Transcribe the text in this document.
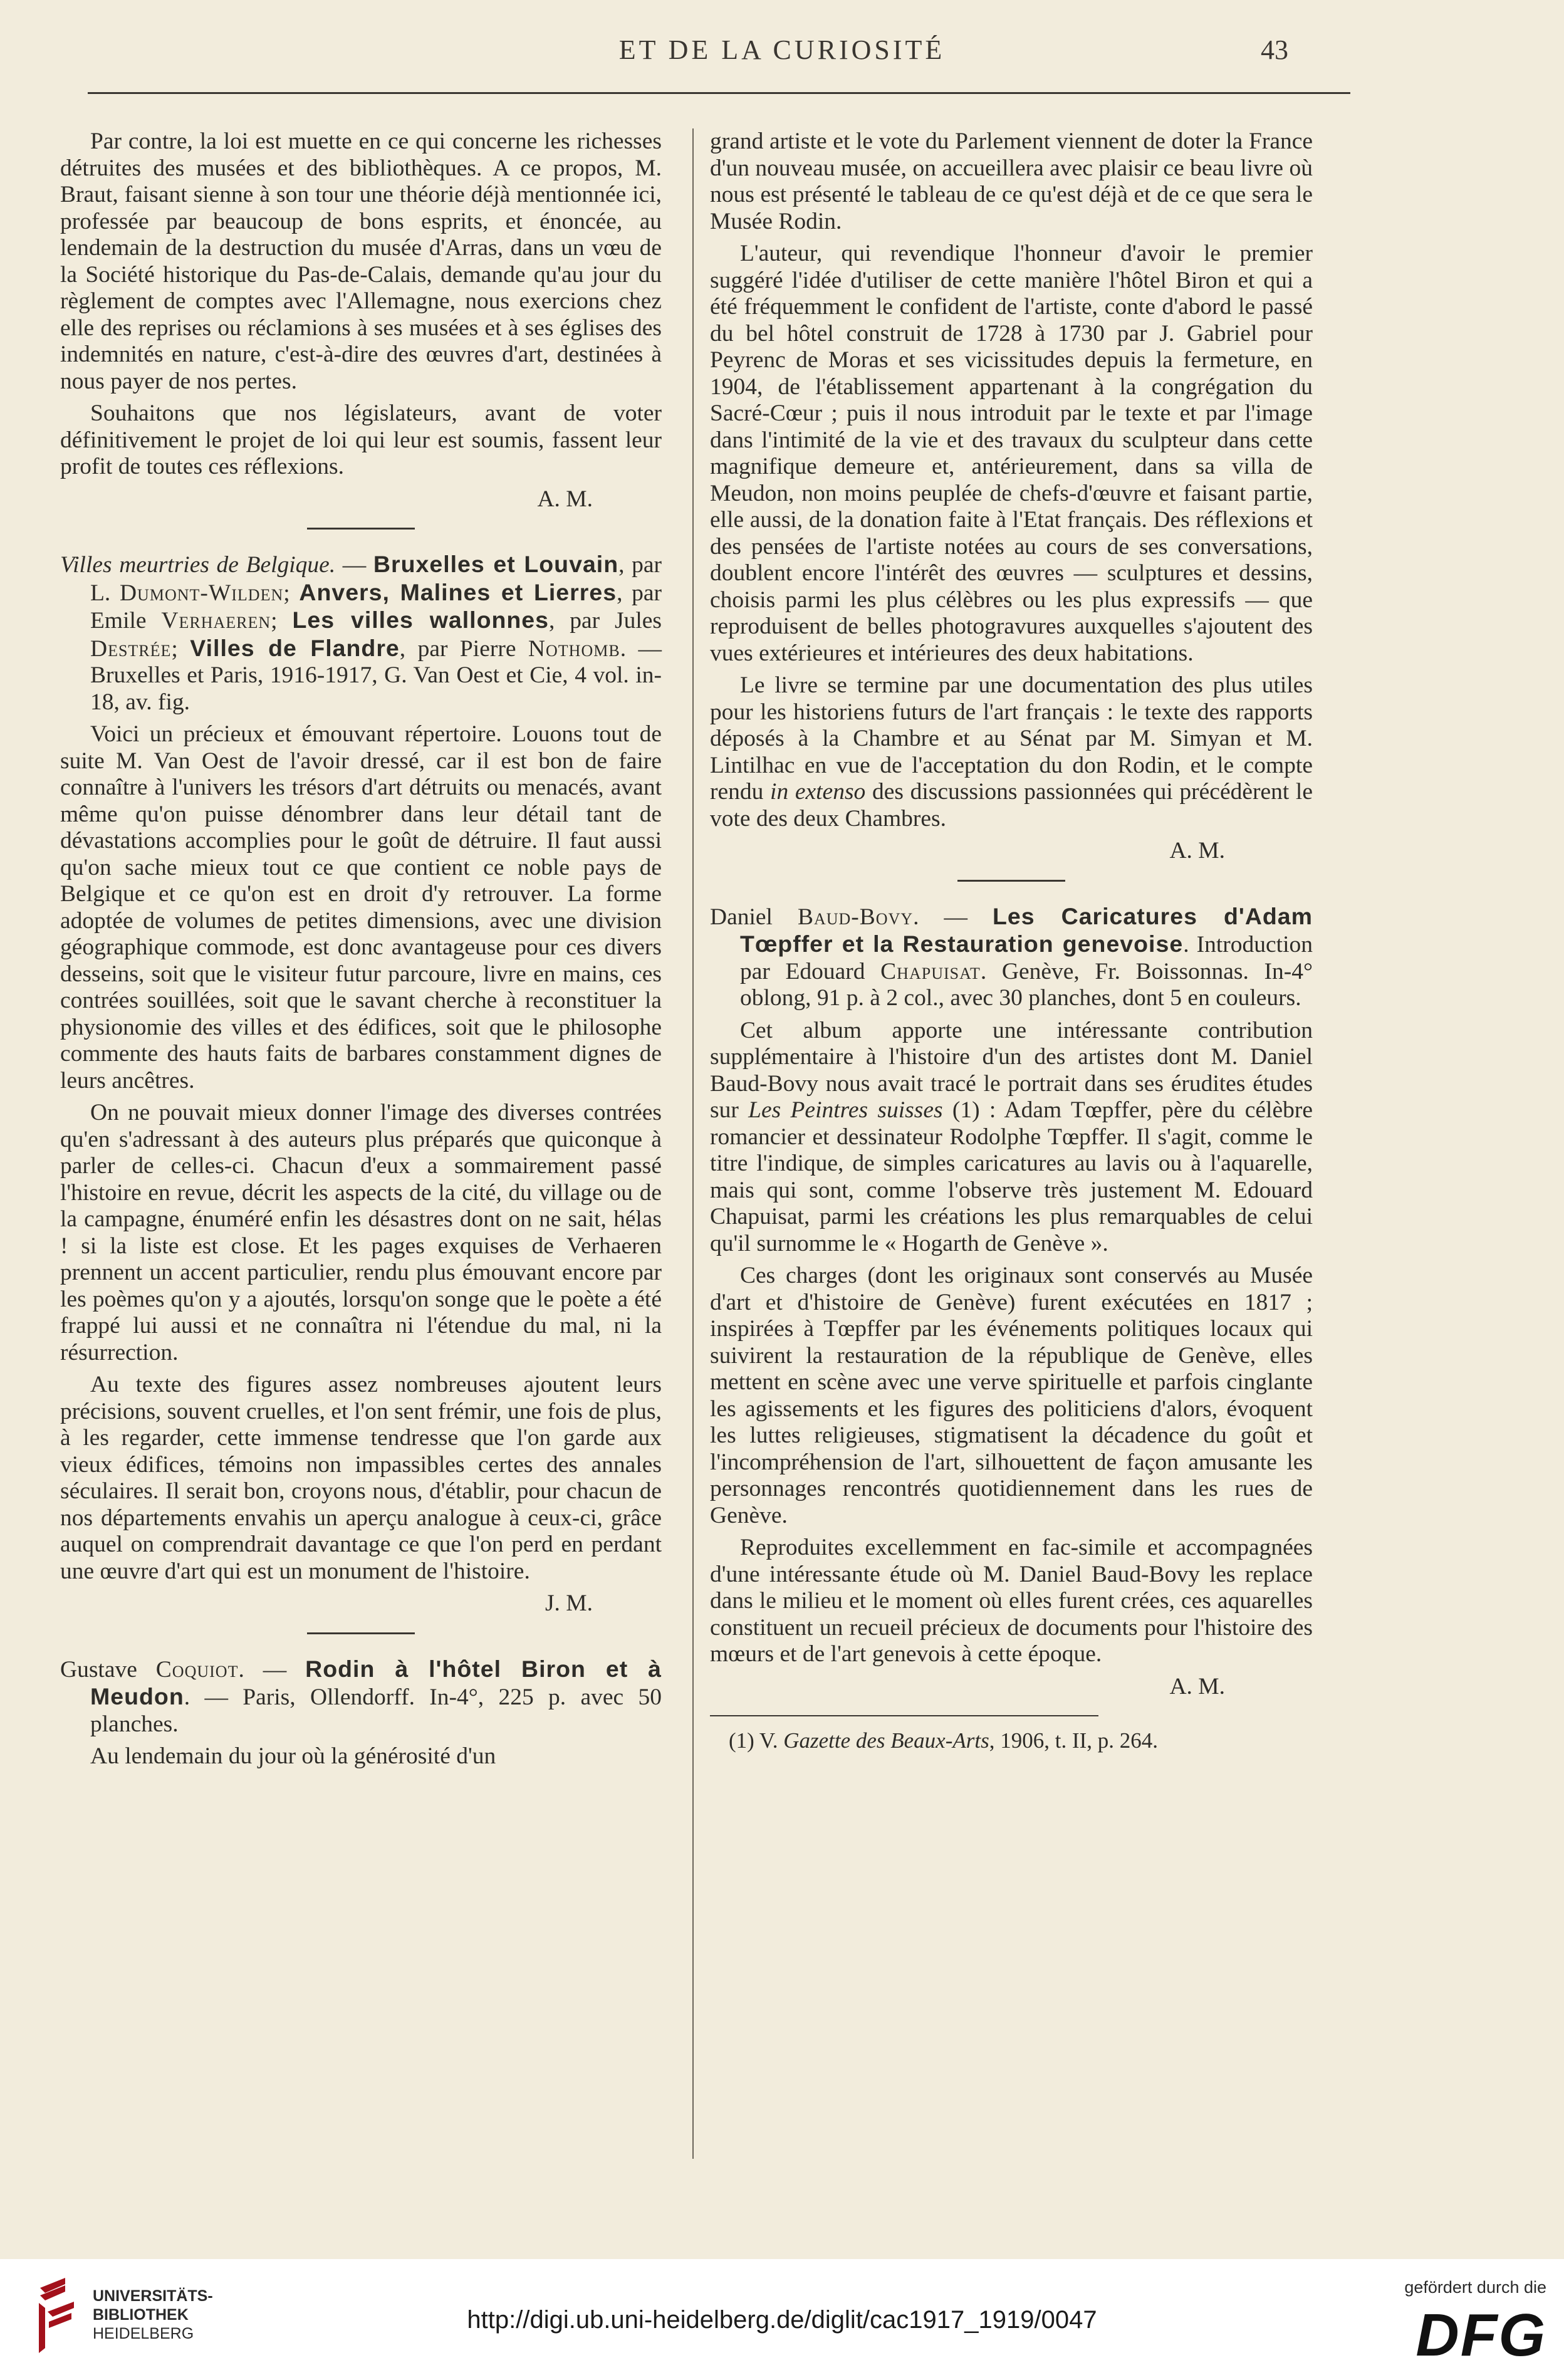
ET DE LA CURIOSITÉ	43

Par contre, la loi est muette en ce qui concerne les richesses détruites des musées et des bibliothèques. A ce propos, M. Braut, faisant sienne à son tour une théorie déjà mentionnée ici, professée par beaucoup de bons esprits, et énoncée, au lendemain de la destruction du musée d'Arras, dans un vœu de la Société historique du Pas-de-Calais, demande qu'au jour du règlement de comptes avec l'Allemagne, nous exercions chez elle des reprises ou réclamions à ses musées et à ses églises des indemnités en nature, c'est-à-dire des œuvres d'art, destinées à nous payer de nos pertes.

Souhaitons que nos législateurs, avant de voter définitivement le projet de loi qui leur est soumis, fassent leur profit de toutes ces réflexions.

A. M.

Villes meurtries de Belgique. — Bruxelles et Louvain, par L. Dumont-Wilden; Anvers, Malines et Lierres, par Emile Verhaeren; Les villes wallonnes, par Jules Destrée; Villes de Flandre, par Pierre Nothomb. — Bruxelles et Paris, 1916-1917, G. Van Oest et Cie, 4 vol. in-18, av. fig.

Voici un précieux et émouvant répertoire. Louons tout de suite M. Van Oest de l'avoir dressé, car il est bon de faire connaître à l'univers les trésors d'art détruits ou menacés, avant même qu'on puisse dénombrer dans leur détail tant de dévastations accomplies pour le goût de détruire. Il faut aussi qu'on sache mieux tout ce que contient ce noble pays de Belgique et ce qu'on est en droit d'y retrouver. La forme adoptée de volumes de petites dimensions, avec une division géographique commode, est donc avantageuse pour ces divers desseins, soit que le visiteur futur parcoure, livre en mains, ces contrées souillées, soit que le savant cherche à reconstituer la physionomie des villes et des édifices, soit que le philosophe commente des hauts faits de barbares constamment dignes de leurs ancêtres.

On ne pouvait mieux donner l'image des diverses contrées qu'en s'adressant à des auteurs plus préparés que quiconque à parler de celles-ci. Chacun d'eux a sommairement passé l'histoire en revue, décrit les aspects de la cité, du village ou de la campagne, énuméré enfin les désastres dont on ne sait, hélas ! si la liste est close. Et les pages exquises de Verhaeren prennent un accent particulier, rendu plus émouvant encore par les poèmes qu'on y a ajoutés, lorsqu'on songe que le poète a été frappé lui aussi et ne connaîtra ni l'étendue du mal, ni la résurrection.

Au texte des figures assez nombreuses ajoutent leurs précisions, souvent cruelles, et l'on sent frémir, une fois de plus, à les regarder, cette immense tendresse que l'on garde aux vieux édifices, témoins non impassibles certes des annales séculaires. Il serait bon, croyons nous, d'établir, pour chacun de nos départements envahis un aperçu analogue à ceux-ci, grâce auquel on comprendrait davantage ce que l'on perd en perdant une œuvre d'art qui est un monument de l'histoire.

J. M.

Gustave Coquiot. — Rodin à l'hôtel Biron et à Meudon. — Paris, Ollendorff. In-4°, 225 p. avec 50 planches.

Au lendemain du jour où la générosité d'un

grand artiste et le vote du Parlement viennent de doter la France d'un nouveau musée, on accueillera avec plaisir ce beau livre où nous est présenté le tableau de ce qu'est déjà et de ce que sera le Musée Rodin.

L'auteur, qui revendique l'honneur d'avoir le premier suggéré l'idée d'utiliser de cette manière l'hôtel Biron et qui a été fréquemment le confident de l'artiste, conte d'abord le passé du bel hôtel construit de 1728 à 1730 par J. Gabriel pour Peyrenc de Moras et ses vicissitudes depuis la fermeture, en 1904, de l'établissement appartenant à la congrégation du Sacré-Cœur ; puis il nous introduit par le texte et par l'image dans l'intimité de la vie et des travaux du sculpteur dans cette magnifique demeure et, antérieurement, dans sa villa de Meudon, non moins peuplée de chefs-d'œuvre et faisant partie, elle aussi, de la donation faite à l'Etat français. Des réflexions et des pensées de l'artiste notées au cours de ses conversations, doublent encore l'intérêt des œuvres — sculptures et dessins, choisis parmi les plus célèbres ou les plus expressifs — que reproduisent de belles photogravures auxquelles s'ajoutent des vues extérieures et intérieures des deux habitations.

Le livre se termine par une documentation des plus utiles pour les historiens futurs de l'art français : le texte des rapports déposés à la Chambre et au Sénat par M. Simyan et M. Lintilhac en vue de l'acceptation du don Rodin, et le compte rendu in extenso des discussions passionnées qui précédèrent le vote des deux Chambres.

A. M.

Daniel Baud-Bovy. — Les Caricatures d'Adam Tœpffer et la Restauration genevoise. Introduction par Edouard Chapuisat. Genève, Fr. Boissonnas. In-4° oblong, 91 p. à 2 col., avec 30 planches, dont 5 en couleurs.

Cet album apporte une intéressante contribution supplémentaire à l'histoire d'un des artistes dont M. Daniel Baud-Bovy nous avait tracé le portrait dans ses érudites études sur Les Peintres suisses (1) : Adam Tœpffer, père du célèbre romancier et dessinateur Rodolphe Tœpffer. Il s'agit, comme le titre l'indique, de simples caricatures au lavis ou à l'aquarelle, mais qui sont, comme l'observe très justement M. Edouard Chapuisat, parmi les créations les plus remarquables de celui qu'il surnomme le « Hogarth de Genève ».

Ces charges (dont les originaux sont conservés au Musée d'art et d'histoire de Genève) furent exécutées en 1817 ; inspirées à Tœpffer par les événements politiques locaux qui suivirent la restauration de la république de Genève, elles mettent en scène avec une verve spirituelle et parfois cinglante les agissements et les figures des politiciens d'alors, évoquent les luttes religieuses, stigmatisent la décadence du goût et l'incompréhension de l'art, silhouettent de façon amusante les personnages rencontrés quotidiennement dans les rues de Genève.

Reproduites excellemment en fac-simile et accompagnées d'une intéressante étude où M. Daniel Baud-Bovy les replace dans le milieu et le moment où elles furent crées, ces aquarelles constituent un recueil précieux de documents pour l'histoire des mœurs et de l'art genevois à cette époque.

A. M.

(1) V. Gazette des Beaux-Arts, 1906, t. II, p. 264.

UNIVERSITÄTS-
BIBLIOTHEK
HEIDELBERG	http://digi.ub.uni-heidelberg.de/diglit/cac1917_1919/0047
gefördert durch die
DFG
